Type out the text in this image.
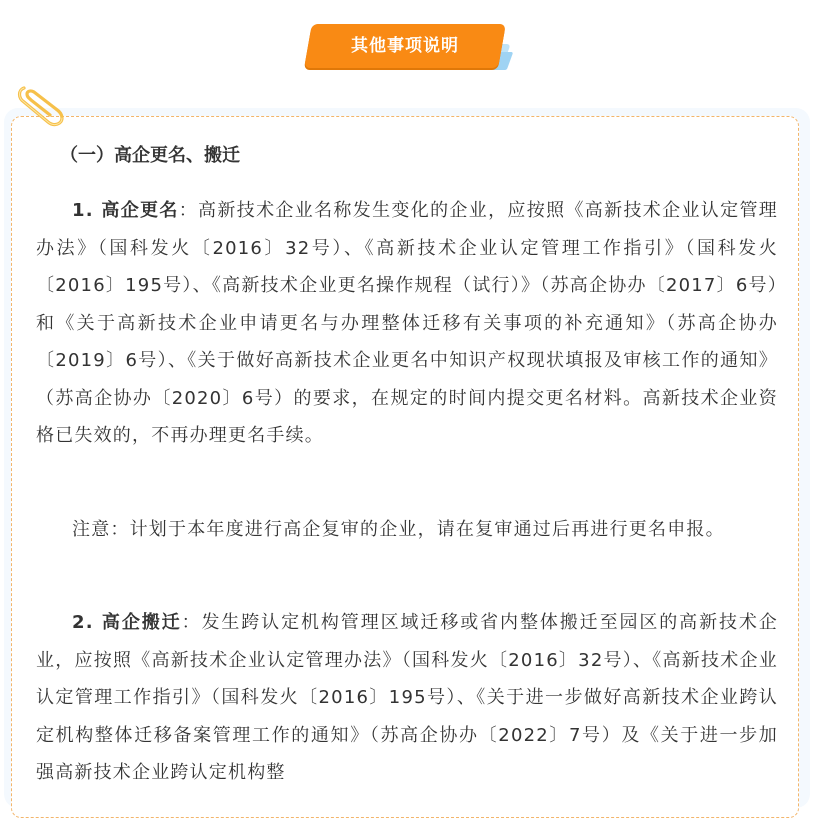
其他事项说明
（一）高企更名、搬迁

1. 高企更名：高新技术企业名称发生变化的企业，应按照《高新技术企业认定管理办法》（国科发火〔2016〕32号）、《高新技术企业认定管理工作指引》（国科发火〔2016〕195号）、《高新技术企业更名操作规程（试行）》（苏高企协办〔2017〕6号）和《关于高新技术企业申请更名与办理整体迁移有关事项的补充通知》（苏高企协办〔2019〕6号）、《关于做好高新技术企业更名中知识产权现状填报及审核工作的通知》（苏高企协办〔2020〕6号）的要求，在规定的时间内提交更名材料。高新技术企业资格已失效的，不再办理更名手续。

注意：计划于本年度进行高企复审的企业，请在复审通过后再进行更名申报。

2. 高企搬迁：发生跨认定机构管理区域迁移或省内整体搬迁至园区的高新技术企业，应按照《高新技术企业认定管理办法》（国科发火〔2016〕32号）、《高新技术企业认定管理工作指引》（国科发火〔2016〕195号）、《关于进一步做好高新技术企业跨认定机构整体迁移备案管理工作的通知》（苏高企协办〔2022〕7号）及《关于进一步加强高新技术企业跨认定机构整
